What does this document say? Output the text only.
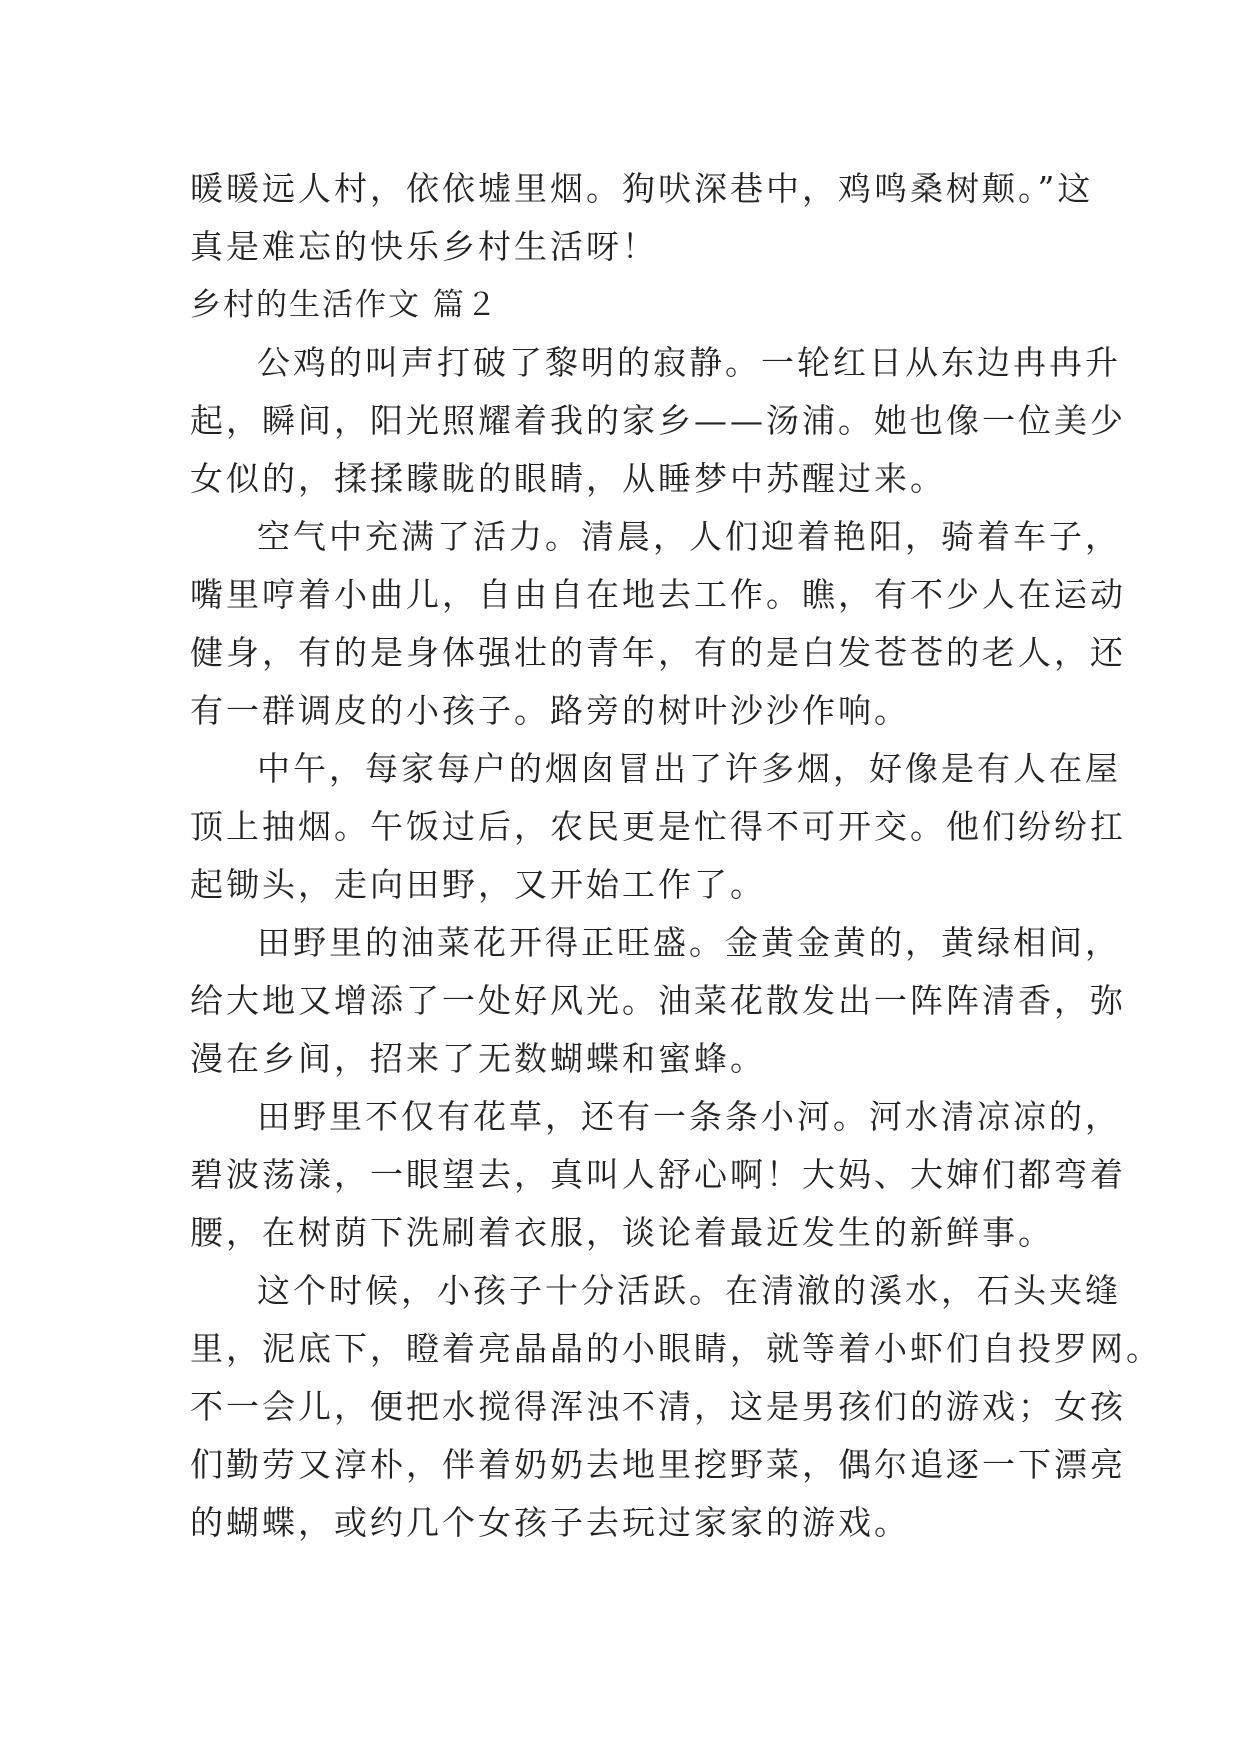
暖暖远人村，依依墟里烟。狗吠深巷中，鸡鸣桑树颠。”这
真是难忘的快乐乡村生活呀！
乡村的生活作文 篇２
公鸡的叫声打破了黎明的寂静。一轮红日从东边冉冉升
起，瞬间，阳光照耀着我的家乡——汤浦。她也像一位美少
女似的，揉揉矇眬的眼睛，从睡梦中苏醒过来。
空气中充满了活力。清晨，人们迎着艳阳，骑着车子，
嘴里哼着小曲儿，自由自在地去工作。瞧，有不少人在运动
健身，有的是身体强壮的青年，有的是白发苍苍的老人，还
有一群调皮的小孩子。路旁的树叶沙沙作响。
中午，每家每户的烟囱冒出了许多烟，好像是有人在屋
顶上抽烟。午饭过后，农民更是忙得不可开交。他们纷纷扛
起锄头，走向田野，又开始工作了。
田野里的油菜花开得正旺盛。金黄金黄的，黄绿相间，
给大地又增添了一处好风光。油菜花散发出一阵阵清香，弥
漫在乡间，招来了无数蝴蝶和蜜蜂。
田野里不仅有花草，还有一条条小河。河水清凉凉的，
碧波荡漾，一眼望去，真叫人舒心啊！大妈、大婶们都弯着
腰，在树荫下洗刷着衣服，谈论着最近发生的新鲜事。
这个时候，小孩子十分活跃。在清澈的溪水，石头夹缝
里，泥底下，瞪着亮晶晶的小眼睛，就等着小虾们自投罗网。
不一会儿，便把水搅得浑浊不清，这是男孩们的游戏；女孩
们勤劳又淳朴，伴着奶奶去地里挖野菜，偶尔追逐一下漂亮
的蝴蝶，或约几个女孩子去玩过家家的游戏。
